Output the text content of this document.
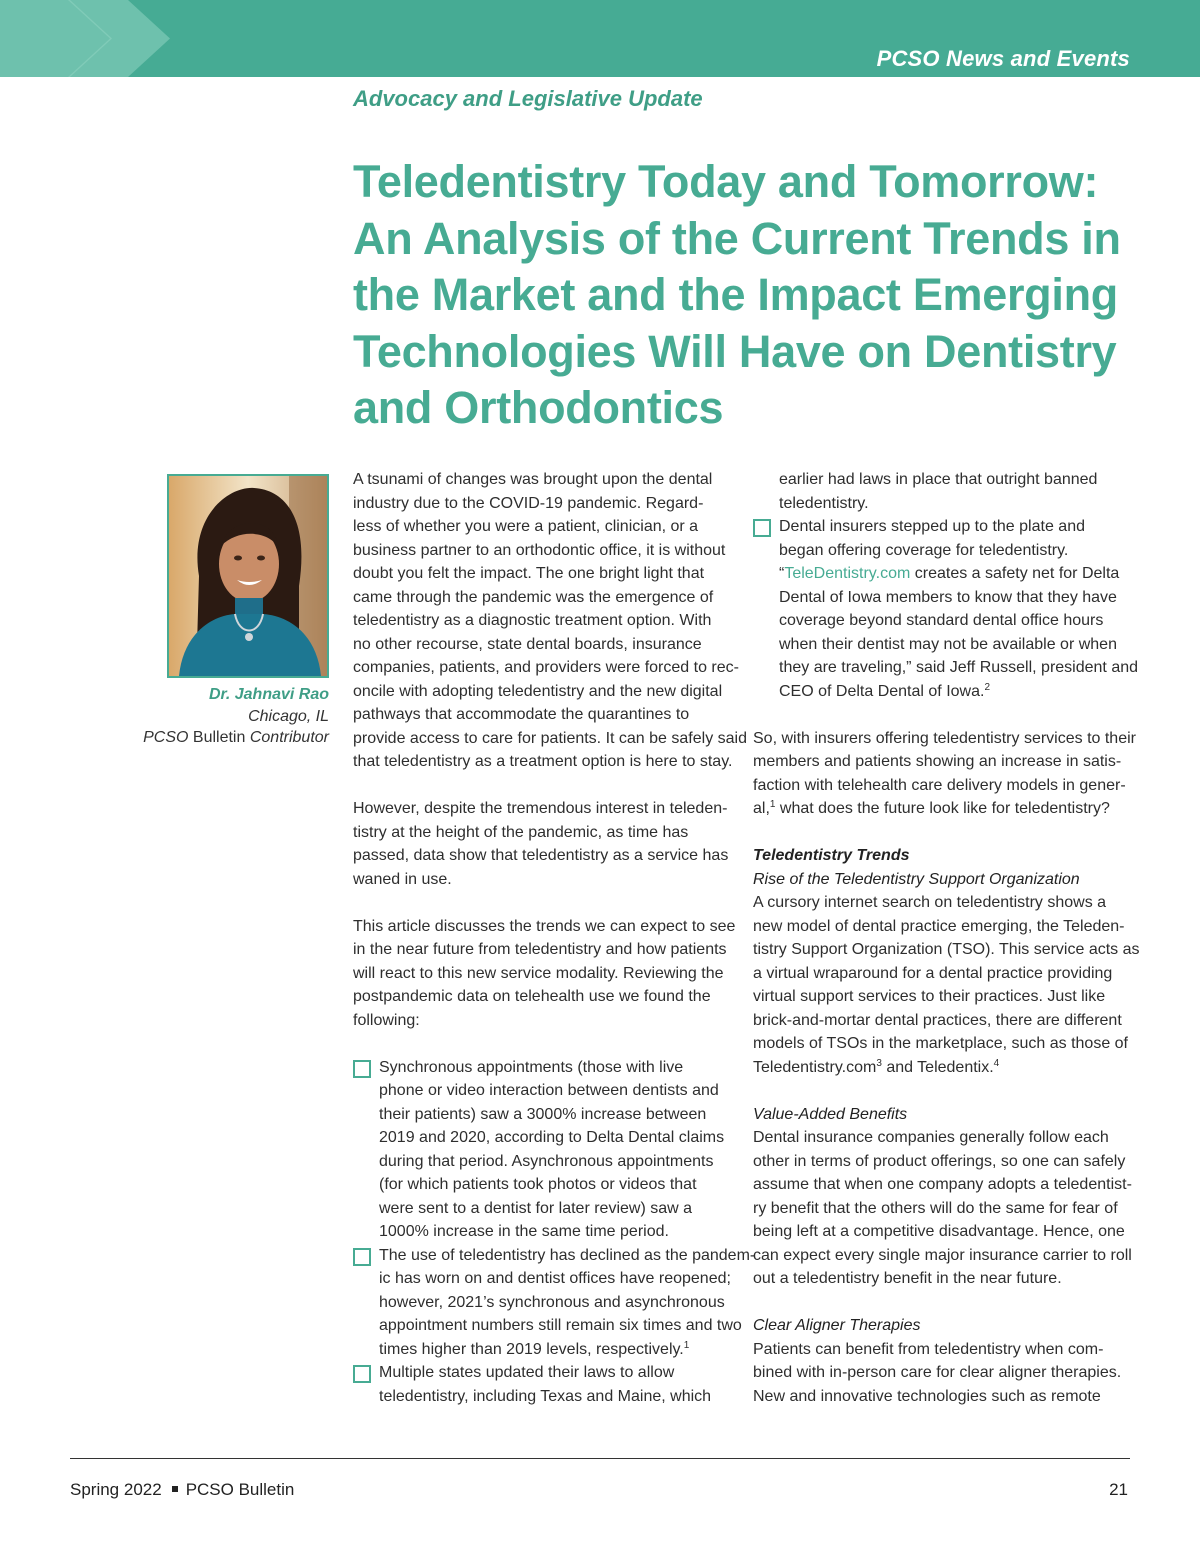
PCSO News and Events
Advocacy and Legislative Update
Teledentistry Today and Tomorrow:
An Analysis of the Current Trends in
the Market and the Impact Emerging
Technologies Will Have on Dentistry
and Orthodontics
Dr. Jahnavi Rao
Chicago, IL
PCSO Bulletin Contributor

A tsunami of changes was brought upon the dental
industry due to the COVID-19 pandemic. Regard-
less of whether you were a patient, clinician, or a
business partner to an orthodontic office, it is without
doubt you felt the impact. The one bright light that
came through the pandemic was the emergence of
teledentistry as a diagnostic treatment option. With
no other recourse, state dental boards, insurance
companies, patients, and providers were forced to rec-
oncile with adopting teledentistry and the new digital
pathways that accommodate the quarantines to
provide access to care for patients. It can be safely said
that teledentistry as a treatment option is here to stay.

However, despite the tremendous interest in teleden-
tistry at the height of the pandemic, as time has
passed, data show that teledentistry as a service has
waned in use.

This article discusses the trends we can expect to see
in the near future from teledentistry and how patients
will react to this new service modality. Reviewing the
postpandemic data on telehealth use we found the
following:

Synchronous appointments (those with live
phone or video interaction between dentists and
their patients) saw a 3000% increase between
2019 and 2020, according to Delta Dental claims
during that period. Asynchronous appointments
(for which patients took photos or videos that
were sent to a dentist for later review) saw a
1000% increase in the same time period.
The use of teledentistry has declined as the pandem-
ic has worn on and dentist offices have reopened;
however, 2021’s synchronous and asynchronous
appointment numbers still remain six times and two
times higher than 2019 levels, respectively.$^1$
Multiple states updated their laws to allow
teledentistry, including Texas and Maine, which
earlier had laws in place that outright banned
teledentistry.
Dental insurers stepped up to the plate and
began offering coverage for teledentistry.
“TeleDentistry.com creates a safety net for Delta
Dental of Iowa members to know that they have
coverage beyond standard dental office hours
when their dentist may not be available or when
they are traveling,” said Jeff Russell, president and
CEO of Delta Dental of Iowa.$^2$

So, with insurers offering teledentistry services to their
members and patients showing an increase in satis-
faction with telehealth care delivery models in gener-
al,$^1$ what does the future look like for teledentistry?

Teledentistry Trends
Rise of the Teledentistry Support Organization
A cursory internet search on teledentistry shows a
new model of dental practice emerging, the Teleden-
tistry Support Organization (TSO). This service acts as
a virtual wraparound for a dental practice providing
virtual support services to their practices. Just like
brick-and-mortar dental practices, there are different
models of TSOs in the marketplace, such as those of
Teledentistry.com$^3$ and Teledentix.$^4$

Value-Added Benefits
Dental insurance companies generally follow each
other in terms of product offerings, so one can safely
assume that when one company adopts a teledentist-
ry benefit that the others will do the same for fear of
being left at a competitive disadvantage. Hence, one
can expect every single major insurance carrier to roll
out a teledentistry benefit in the near future.

Clear Aligner Therapies
Patients can benefit from teledentistry when com-
bined with in-person care for clear aligner therapies.
New and innovative technologies such as remote

Spring 2022 PCSO Bulletin	21
